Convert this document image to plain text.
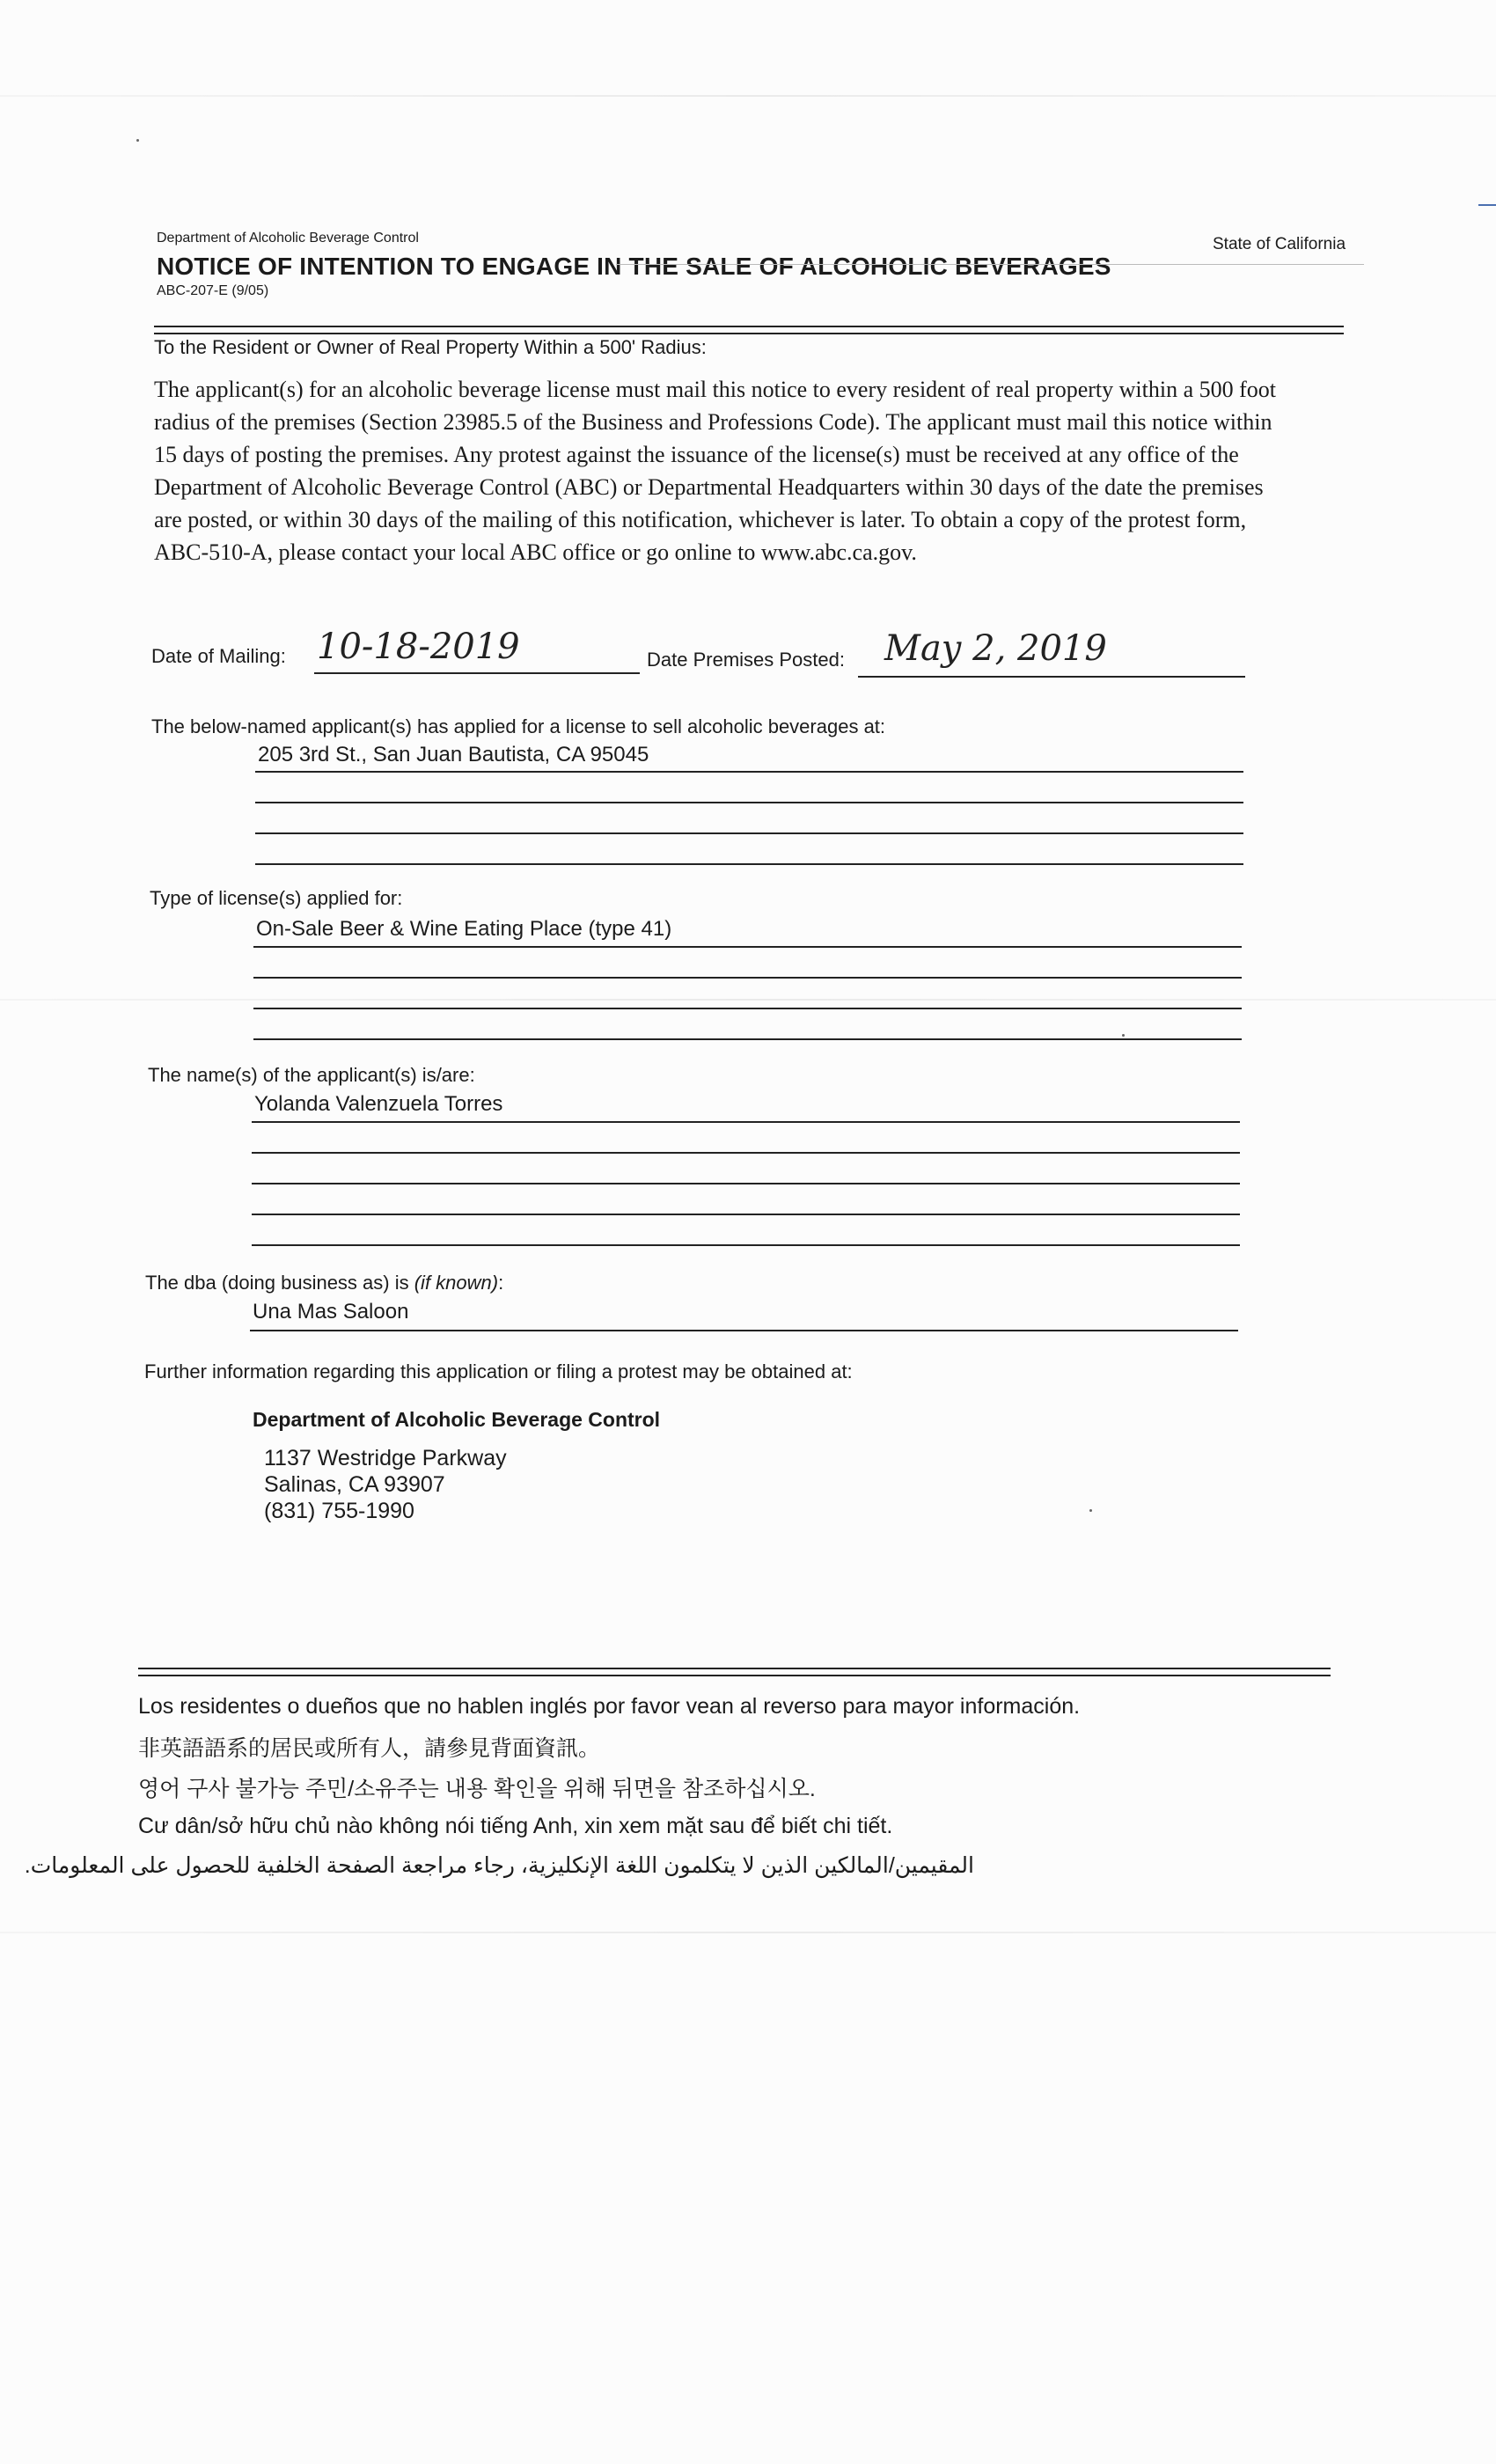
Department of Alcoholic Beverage Control	State of California
NOTICE OF INTENTION TO ENGAGE IN THE SALE OF ALCOHOLIC BEVERAGES
ABC-207-E (9/05)
To the Resident or Owner of Real Property Within a 500' Radius:
The applicant(s) for an alcoholic beverage license must mail this notice to every resident of real property within a 500 foot radius of the premises (Section 23985.5 of the Business and Professions Code). The applicant must mail this notice within 15 days of posting the premises. Any protest against the issuance of the license(s) must be received at any office of the Department of Alcoholic Beverage Control (ABC) or Departmental Headquarters within 30 days of the date the premises are posted, or within 30 days of the mailing of this notification, whichever is later. To obtain a copy of the protest form, ABC-510-A, please contact your local ABC office or go online to www.abc.ca.gov.
Date of Mailing: 10-18-2019	Date Premises Posted: May 2, 2019
The below-named applicant(s) has applied for a license to sell alcoholic beverages at:
205 3rd St., San Juan Bautista, CA 95045
Type of license(s) applied for:
On-Sale Beer & Wine Eating Place (type 41)
The name(s) of the applicant(s) is/are:
Yolanda Valenzuela Torres
The dba (doing business as) is (if known):
Una Mas Saloon
Further information regarding this application or filing a protest may be obtained at:
Department of Alcoholic Beverage Control
1137 Westridge Parkway
Salinas, CA 93907
(831) 755-1990
Los residentes o dueños que no hablen inglés por favor vean al reverso para mayor información.
非英語語系的居民或所有人，請參見背面資訊。
영어 구사 불가능 주민/소유주는 내용 확인을 위해 뒤면을 참조하십시오.
Cư dân/sở hữu chủ nào không nói tiếng Anh, xin xem mặt sau để biết chi tiết.
المقيمين/المالكين الذين لا يتكلمون اللغة الإنكليزية، رجاء مراجعة الصفحة الخلفية للحصول على المعلومات.
